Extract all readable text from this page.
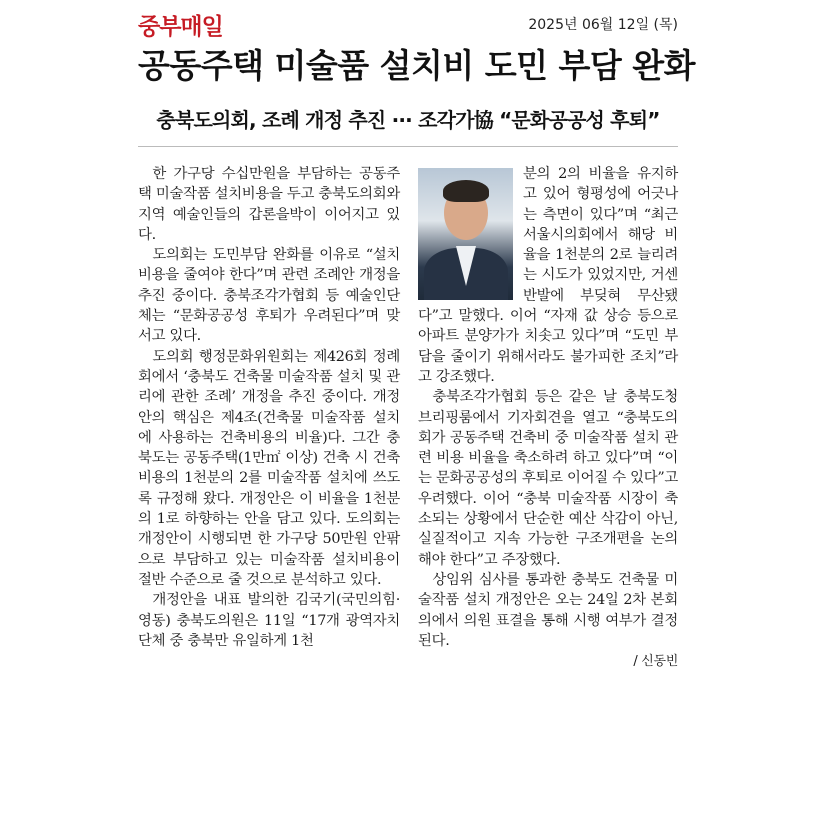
중부매일	2025년 06월 12일 (목)
공동주택 미술품 설치비 도민 부담 완화
충북도의회, 조례 개정 추진 ··· 조각가協 “문화공공성 후퇴”

한 가구당 수십만원을 부담하는 공동주택 미술작품 설치비용을 두고 충북도의회와 지역 예술인들의 갑론을박이 이어지고 있다.

도의회는 도민부담 완화를 이유로 “설치비용을 줄여야 한다”며 관련 조례안 개정을 추진 중이다. 충북조각가협회 등 예술인단체는 “문화공공성 후퇴가 우려된다”며 맞서고 있다.

도의회 행정문화위원회는 제426회 정례회에서 ‘충북도 건축물 미술작품 설치 및 관리에 관한 조례’ 개정을 추진 중이다. 개정안의 핵심은 제4조(건축물 미술작품 설치에 사용하는 건축비용의 비율)다. 그간 충북도는 공동주택(1만㎡ 이상) 건축 시 건축비용의 1천분의 2를 미술작품 설치에 쓰도록 규정해 왔다. 개정안은 이 비율을 1천분의 1로 하향하는 안을 담고 있다. 도의회는 개정안이 시행되면 한 가구당 50만원 안팎으로 부담하고 있는 미술작품 설치비용이 절반 수준으로 줄 것으로 분석하고 있다.

개정안을 내표 발의한 김국기(국민의힘·영동) 충북도의원은 11일 “17개 광역자치단체 중 충북만 유일하게 1천

분의 2의 비율을 유지하고 있어 형평성에 어긋나는 측면이 있다”며 “최근 서울시의회에서 해당 비율을 1천분의 2로 늘리려는 시도가 있었지만, 거센 반발에 부딪혀 무산됐다”고 말했다. 이어 “자재 값 상승 등으로 아파트 분양가가 치솟고 있다”며 “도민 부담을 줄이기 위해서라도 불가피한 조치”라고 강조했다.

충북조각가협회 등은 같은 날 충북도청 브리핑룸에서 기자회견을 열고 “충북도의회가 공동주택 건축비 중 미술작품 설치 관련 비용 비율을 축소하려 하고 있다”며 “이는 문화공공성의 후퇴로 이어질 수 있다”고 우려했다. 이어 “충북 미술작품 시장이 축소되는 상황에서 단순한 예산 삭감이 아닌, 실질적이고 지속 가능한 구조개편을 논의해야 한다”고 주장했다.

상임위 심사를 통과한 충북도 건축물 미술작품 설치 개정안은 오는 24일 2차 본회의에서 의원 표결을 통해 시행 여부가 결정된다.

/ 신동빈
